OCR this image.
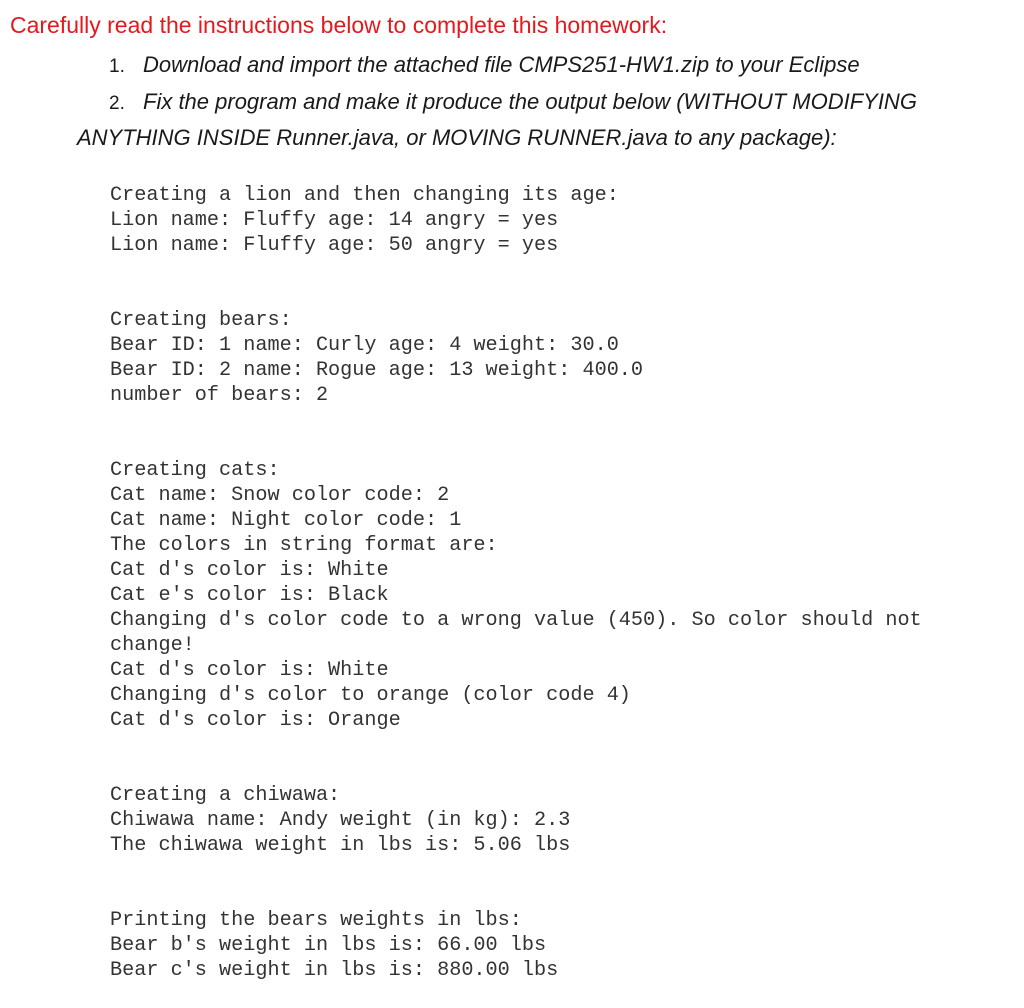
Carefully read the instructions below to complete this homework:
1. Download and import the attached file CMPS251-HW1.zip to your Eclipse
2. Fix the program and make it produce the output below (WITHOUT MODIFYING
ANYTHING INSIDE Runner.java, or MOVING RUNNER.java to any package):
Creating a lion and then changing its age:
Lion name: Fluffy age: 14 angry = yes
Lion name: Fluffy age: 50 angry = yes
Creating bears:
Bear ID: 1 name: Curly age: 4 weight: 30.0
Bear ID: 2 name: Rogue age: 13 weight: 400.0
number of bears: 2
Creating cats:
Cat name: Snow color code: 2
Cat name: Night color code: 1
The colors in string format are:
Cat d's color is: White
Cat e's color is: Black
Changing d's color code to a wrong value (450). So color should not
change!
Cat d's color is: White
Changing d's color to orange (color code 4)
Cat d's color is: Orange
Creating a chiwawa:
Chiwawa name: Andy weight (in kg): 2.3
The chiwawa weight in lbs is: 5.06 lbs
Printing the bears weights in lbs:
Bear b's weight in lbs is: 66.00 lbs
Bear c's weight in lbs is: 880.00 lbs
